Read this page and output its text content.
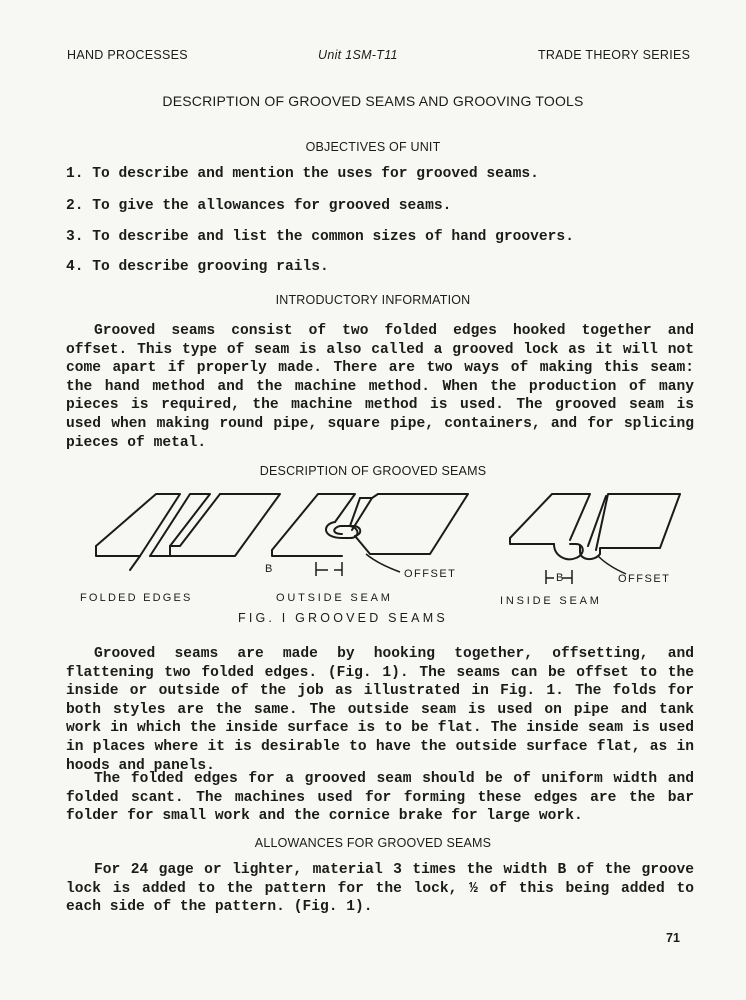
HAND PROCESSES	Unit 1SM-T11	TRADE THEORY SERIES
DESCRIPTION OF GROOVED SEAMS AND GROOVING TOOLS
OBJECTIVES OF UNIT
1. To describe and mention the uses for grooved seams.
2. To give the allowances for grooved seams.
3. To describe and list the common sizes of hand groovers.
4. To describe grooving rails.
INTRODUCTORY INFORMATION

Grooved seams consist of two folded edges hooked together and offset. This type of seam is also called a grooved lock as it will not come apart if properly made. There are two ways of making this seam: the hand method and the machine method. When the production of many pieces is required, the machine method is used. The grooved seam is used when making round pipe, square pipe, containers, and for splicing pieces of metal.

DESCRIPTION OF GROOVED SEAMS
B	OFFSET	B	OFFSET
FOLDED EDGES	OUTSIDE SEAM	INSIDE SEAM
FIG. I GROOVED SEAMS

Grooved seams are made by hooking together, offsetting, and flattening two folded edges. (Fig. 1). The seams can be offset to the inside or outside of the job as illustrated in Fig. 1. The folds for both styles are the same. The outside seam is used on pipe and tank work in which the inside surface is to be flat. The inside seam is used in places where it is desirable to have the outside surface flat, as in hoods and panels.

The folded edges for a grooved seam should be of uniform width and folded scant. The machines used for forming these edges are the bar folder for small work and the cornice brake for large work.

ALLOWANCES FOR GROOVED SEAMS

For 24 gage or lighter, material 3 times the width B of the groove lock is added to the pattern for the lock, ½ of this being added to each side of the pattern. (Fig. 1).

71
